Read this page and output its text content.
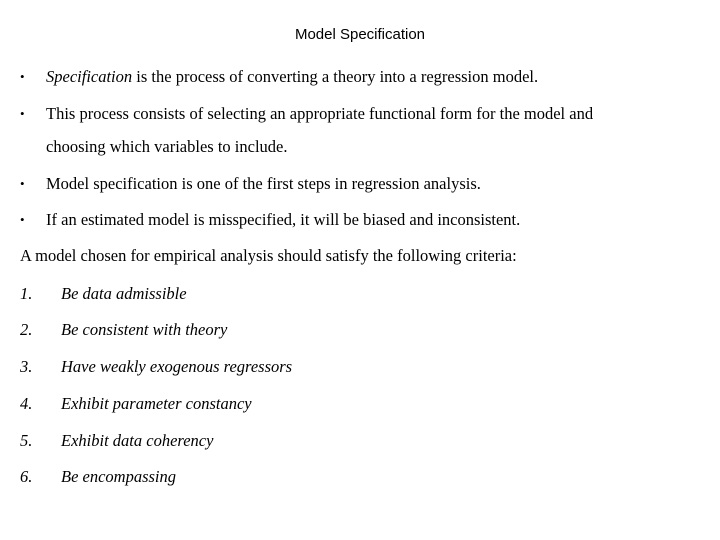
Model Specification
• Specification is the process of converting a theory into a regression model.
• This process consists of selecting an appropriate functional form for the model and
choosing which variables to include.
• Model specification is one of the first steps in regression analysis.
• If an estimated model is misspecified, it will be biased and inconsistent.
A model chosen for empirical analysis should satisfy the following criteria:
1. Be data admissible
2. Be consistent with theory
3. Have weakly exogenous regressors
4. Exhibit parameter constancy
5. Exhibit data coherency
6. Be encompassing
